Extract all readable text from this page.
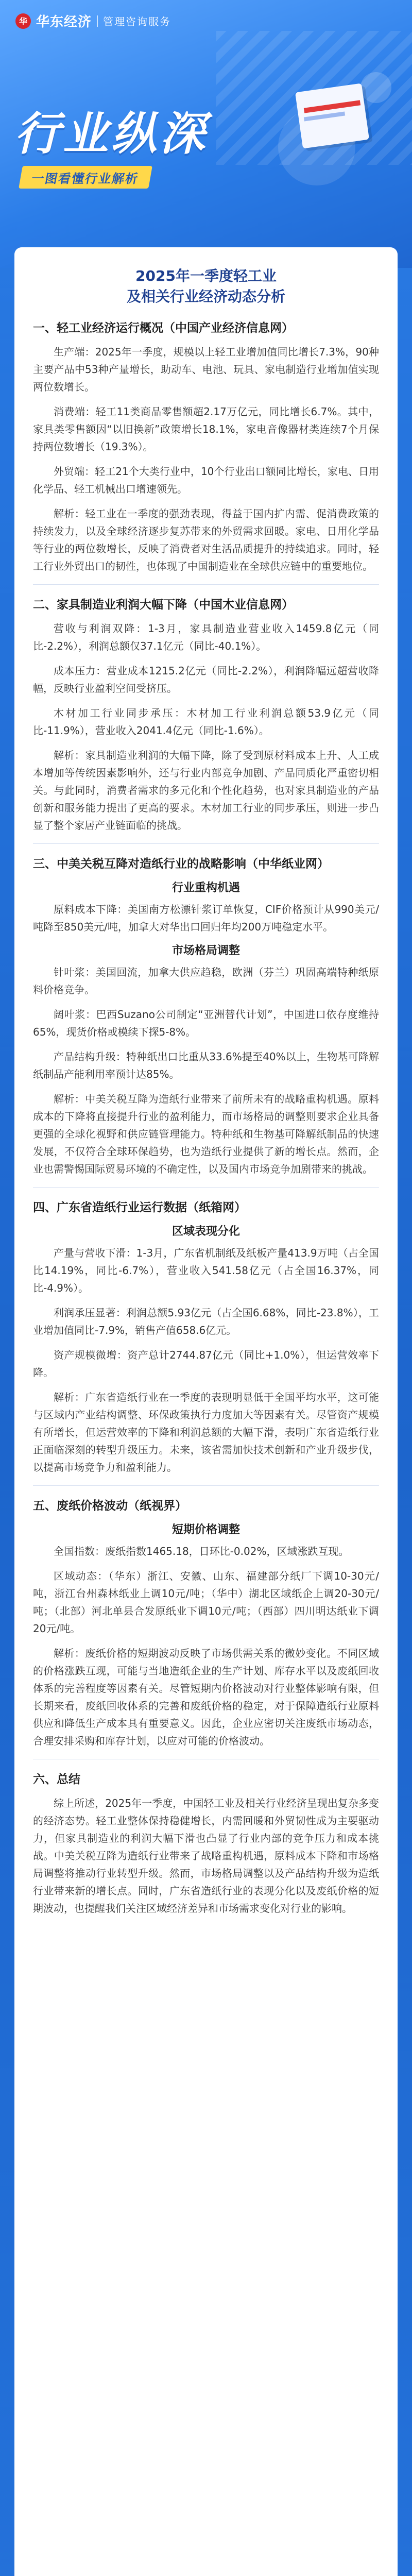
华 华东经济 管理咨询服务
行业纵深
一图看懂行业解析
2025年一季度轻工业
及相关行业经济动态分析
一、轻工业经济运行概况（中国产业经济信息网）

生产端：2025年一季度，规模以上轻工业增加值同比增长7.3%，90种主要产品中53种产量增长，助动车、电池、玩具、家电制造行业增加值实现两位数增长。

消费端：轻工11类商品零售额超2.17万亿元，同比增长6.7%。其中，家具类零售额因“以旧换新”政策增长18.1%，家电音像器材类连续7个月保持两位数增长（19.3%）。

外贸端：轻工21个大类行业中，10个行业出口额同比增长，家电、日用化学品、轻工机械出口增速领先。

解析：轻工业在一季度的强劲表现，得益于国内扩内需、促消费政策的持续发力，以及全球经济逐步复苏带来的外贸需求回暖。家电、日用化学品等行业的两位数增长，反映了消费者对生活品质提升的持续追求。同时，轻工行业外贸出口的韧性，也体现了中国制造业在全球供应链中的重要地位。

二、家具制造业利润大幅下降（中国木业信息网）

营收与利润双降：1-3月，家具制造业营业收入1459.8亿元（同比-2.2%），利润总额仅37.1亿元（同比-40.1%）。

成本压力：营业成本1215.2亿元（同比-2.2%），利润降幅远超营收降幅，反映行业盈利空间受挤压。

木材加工行业同步承压：木材加工行业利润总额53.9亿元（同比-11.9%），营业收入2041.4亿元（同比-1.6%）。

解析：家具制造业利润的大幅下降，除了受到原材料成本上升、人工成本增加等传统因素影响外，还与行业内部竞争加剧、产品同质化严重密切相关。与此同时，消费者需求的多元化和个性化趋势，也对家具制造业的产品创新和服务能力提出了更高的要求。木材加工行业的同步承压，则进一步凸显了整个家居产业链面临的挑战。

三、中美关税互降对造纸行业的战略影响（中华纸业网）
行业重构机遇

原料成本下降：美国南方松漂针浆订单恢复，CIF价格预计从990美元/吨降至850美元/吨，加拿大对华出口回归年均200万吨稳定水平。

市场格局调整

针叶浆：美国回流，加拿大供应趋稳，欧洲（芬兰）巩固高端特种纸原料价格竞争。

阔叶浆：巴西Suzano公司制定“亚洲替代计划”，中国进口依存度维持65%，现货价格或模续下探5-8%。

产品结构升级：特种纸出口比重从33.6%提至40%以上，生物基可降解纸制品产能利用率预计达85%。

解析：中美关税互降为造纸行业带来了前所未有的战略重构机遇。原料成本的下降将直接提升行业的盈利能力，而市场格局的调整则要求企业具备更强的全球化视野和供应链管理能力。特种纸和生物基可降解纸制品的快速发展，不仅符合全球环保趋势，也为造纸行业提供了新的增长点。然而，企业也需警惕国际贸易环境的不确定性，以及国内市场竞争加剧带来的挑战。

四、广东省造纸行业运行数据（纸箱网）
区域表现分化

产量与营收下滑：1-3月，广东省机制纸及纸板产量413.9万吨（占全国比14.19%，同比-6.7%），营业收入541.58亿元（占全国16.37%，同比-4.9%）。

利润承压显著：利润总额5.93亿元（占全国6.68%，同比-23.8%），工业增加值同比-7.9%，销售产值658.6亿元。

资产规模微增：资产总计2744.87亿元（同比+1.0%），但运营效率下降。

解析：广东省造纸行业在一季度的表现明显低于全国平均水平，这可能与区域内产业结构调整、环保政策执行力度加大等因素有关。尽管资产规模有所增长，但运营效率的下降和利润总额的大幅下滑，表明广东省造纸行业正面临深刻的转型升级压力。未来，该省需加快技术创新和产业升级步伐，以提高市场竞争力和盈利能力。

五、废纸价格波动（纸视界）
短期价格调整

全国指数：废纸指数1465.18，日环比-0.02%，区域涨跌互现。

区域动态：（华东）浙江、安徽、山东、福建部分纸厂下调10-30元/吨，浙江台州森林纸业上调10元/吨；（华中）湖北区域纸企上调20-30元/吨；（北部）河北单县合发原纸业下调10元/吨；（西部）四川明达纸业下调20元/吨。

解析：废纸价格的短期波动反映了市场供需关系的微妙变化。不同区域的价格涨跌互现，可能与当地造纸企业的生产计划、库存水平以及废纸回收体系的完善程度等因素有关。尽管短期内价格波动对行业整体影响有限，但长期来看，废纸回收体系的完善和废纸价格的稳定，对于保障造纸行业原料供应和降低生产成本具有重要意义。因此，企业应密切关注废纸市场动态，合理安排采购和库存计划，以应对可能的价格波动。

六、总结

综上所述，2025年一季度，中国轻工业及相关行业经济呈现出复杂多变的经济态势。轻工业整体保持稳健增长，内需回暖和外贸韧性成为主要驱动力，但家具制造业的利润大幅下滑也凸显了行业内部的竞争压力和成本挑战。中美关税互降为造纸行业带来了战略重构机遇，原料成本下降和市场格局调整将推动行业转型升级。然而，市场格局调整以及产品结构升级为造纸行业带来新的增长点。同时，广东省造纸行业的表现分化以及废纸价格的短期波动，也提醒我们关注区域经济差异和市场需求变化对行业的影响。
